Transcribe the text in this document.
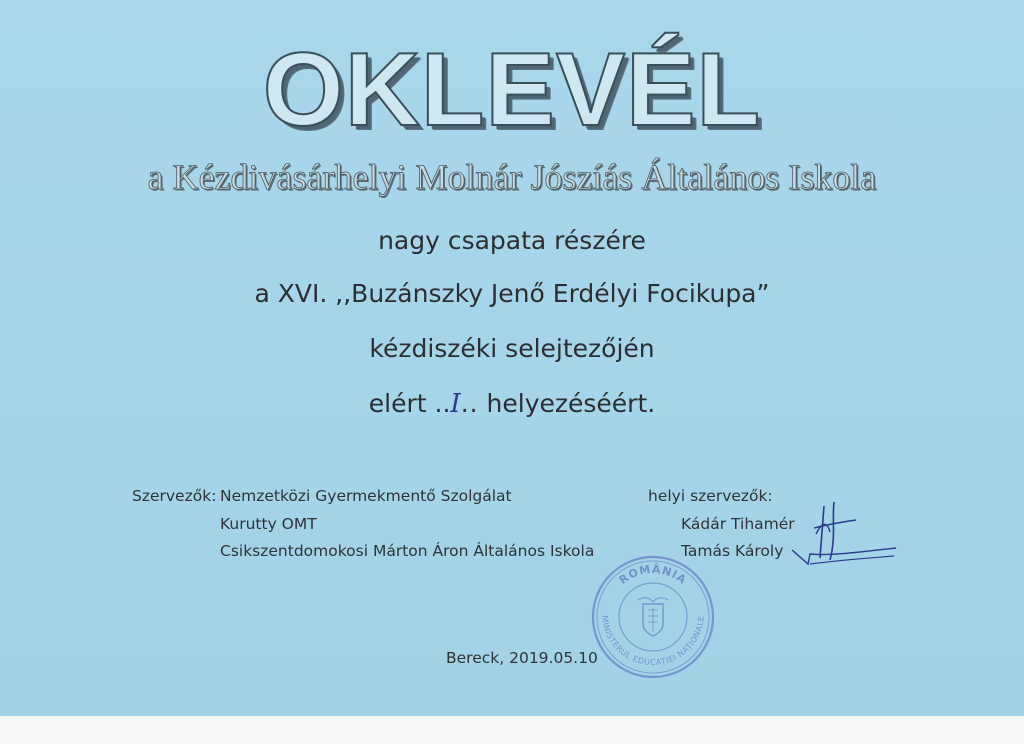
OKLEVÉL
a Kézdivásárhelyi Molnár Jószíás Általános Iskola
nagy csapata részére
a XVI. ,,Buzánszky Jenő Erdélyi Focikupa”
kézdiszéki selejtezőjén
elért ..I.. helyezéséért.
Szervezők: Nemzetközi Gyermekmentő Szolgálat
Kurutty OMT
Csikszentdomokosi Márton Áron Általános Iskola
helyi szervezők:
Kádár Tihamér
Tamás Károly
ROMÂNIA
MINISTERUL EDUCAȚIEI NAȚIONALE
Bereck, 2019.05.10
